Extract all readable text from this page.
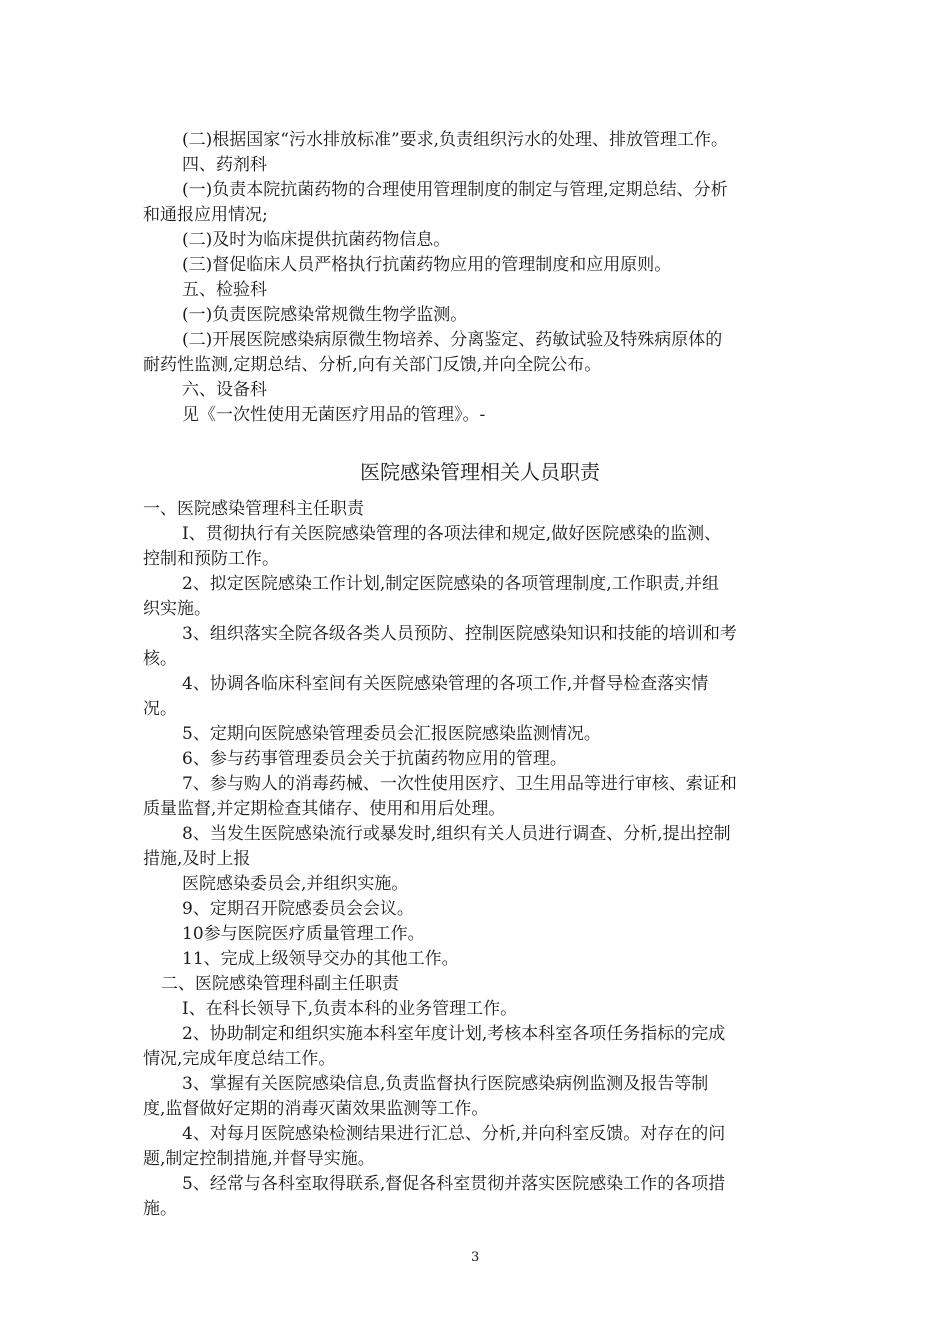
(二)根据国家“污水排放标准”要求,负责组织污水的处理、排放管理工作。
四、药剂科
(一)负责本院抗菌药物的合理使用管理制度的制定与管理,定期总结、分析
和通报应用情况;
(二)及时为临床提供抗菌药物信息。
(三)督促临床人员严格执行抗菌药物应用的管理制度和应用原则。
五、检验科
(一)负责医院感染常规微生物学监测。
(二)开展医院感染病原微生物培养、分离鉴定、药敏试验及特殊病原体的
耐药性监测,定期总结、分析,向有关部门反馈,并向全院公布。
六、设备科
见《一次性使用无菌医疗用品的管理》。-
医院感染管理相关人员职责
一、医院感染管理科主任职责
I、贯彻执行有关医院感染管理的各项法律和规定,做好医院感染的监测、
控制和预防工作。
2、拟定医院感染工作计划,制定医院感染的各项管理制度,工作职责,并组
织实施。
3、组织落实全院各级各类人员预防、控制医院感染知识和技能的培训和考
核。
4、协调各临床科室间有关医院感染管理的各项工作,并督导检查落实情
况。
5、定期向医院感染管理委员会汇报医院感染监测情况。
6、参与药事管理委员会关于抗菌药物应用的管理。
7、参与购人的消毒药械、一次性使用医疗、卫生用品等进行审核、索证和
质量监督,并定期检查其储存、使用和用后处理。
8、当发生医院感染流行或暴发时,组织有关人员进行调查、分析,提出控制
措施,及时上报
医院感染委员会,并组织实施。
9、定期召开院感委员会会议。
10参与医院医疗质量管理工作。
11、完成上级领导交办的其他工作。
二、医院感染管理科副主任职责
I、在科长领导下,负责本科的业务管理工作。
2、协助制定和组织实施本科室年度计划,考核本科室各项任务指标的完成
情况,完成年度总结工作。
3、掌握有关医院感染信息,负责监督执行医院感染病例监测及报告等制
度,监督做好定期的消毒灭菌效果监测等工作。
4、对每月医院感染检测结果进行汇总、分析,并向科室反馈。对存在的问
题,制定控制措施,并督导实施。
5、经常与各科室取得联系,督促各科室贯彻并落实医院感染工作的各项措
施。
3
